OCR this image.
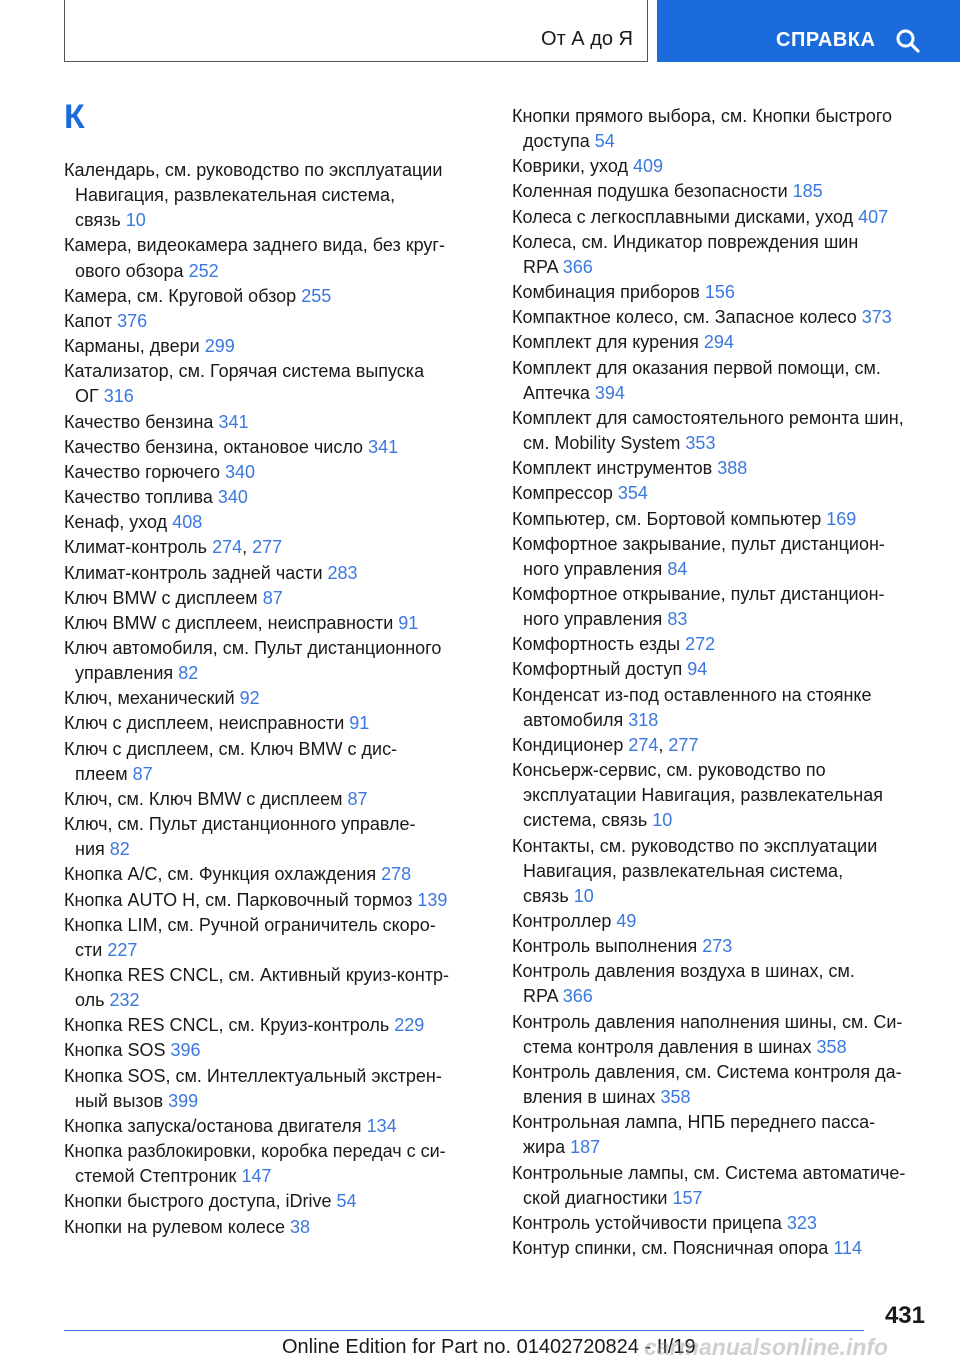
От А до Я	СПРАВКА
К
Календарь, см. руководство по эксплуатации
Навигация, развлекательная система,
связь 10
Камера, видеокамера заднего вида, без круг-
ового обзора 252
Камера, см. Круговой обзор 255
Капот 376
Карманы, двери 299
Катализатор, см. Горячая система выпуска
ОГ 316
Качество бензина 341
Качество бензина, октановое число 341
Качество горючего 340
Качество топлива 340
Кенаф, уход 408
Климат-контроль 274, 277
Климат-контроль задней части 283
Ключ BMW с дисплеем 87
Ключ BMW с дисплеем, неисправности 91
Ключ автомобиля, см. Пульт дистанционного
управления 82
Ключ, механический 92
Ключ с дисплеем, неисправности 91
Ключ с дисплеем, см. Ключ BMW с дис-
плеем 87
Ключ, см. Ключ BMW с дисплеем 87
Ключ, см. Пульт дистанционного управле-
ния 82
Кнопка A/C, см. Функция охлаждения 278
Кнопка AUTO H, см. Парковочный тормоз 139
Кнопка LIM, см. Ручной ограничитель скоро-
сти 227
Кнопка RES CNCL, см. Активный круиз-контр-
оль 232
Кнопка RES CNCL, см. Круиз-контроль 229
Кнопка SOS 396
Кнопка SOS, см. Интеллектуальный экстрен-
ный вызов 399
Кнопка запуска/останова двигателя 134
Кнопка разблокировки, коробка передач с си-
стемой Стептроник 147
Кнопки быстрого доступа, iDrive 54
Кнопки на рулевом колесе 38
Кнопки прямого выбора, см. Кнопки быстрого
доступа 54
Коврики, уход 409
Коленная подушка безопасности 185
Колеса с легкосплавными дисками, уход 407
Колеса, см. Индикатор повреждения шин
RPA 366
Комбинация приборов 156
Компактное колесо, см. Запасное колесо 373
Комплект для курения 294
Комплект для оказания первой помощи, см.
Аптечка 394
Комплект для самостоятельного ремонта шин,
см. Mobility System 353
Комплект инструментов 388
Компрессор 354
Компьютер, см. Бортовой компьютер 169
Комфортное закрывание, пульт дистанцион-
ного управления 84
Комфортное открывание, пульт дистанцион-
ного управления 83
Комфортность езды 272
Комфортный доступ 94
Конденсат из-под оставленного на стоянке
автомобиля 318
Кондиционер 274, 277
Консьерж-сервис, см. руководство по
эксплуатации Навигация, развлекательная
система, связь 10
Контакты, см. руководство по эксплуатации
Навигация, развлекательная система,
связь 10
Контроллер 49
Контроль выполнения 273
Контроль давления воздуха в шинах, см.
RPA 366
Контроль давления наполнения шины, см. Си-
стема контроля давления в шинах 358
Контроль давления, см. Система контроля да-
вления в шинах 358
Контрольная лампа, НПБ переднего пасса-
жира 187
Контрольные лампы, см. Система автоматиче-
ской диагностики 157
Контроль устойчивости прицепа 323
Контур спинки, см. Поясничная опора 114
431
Online Edition for Part no. 01402720824 - II/19
carmanualsonline.info
